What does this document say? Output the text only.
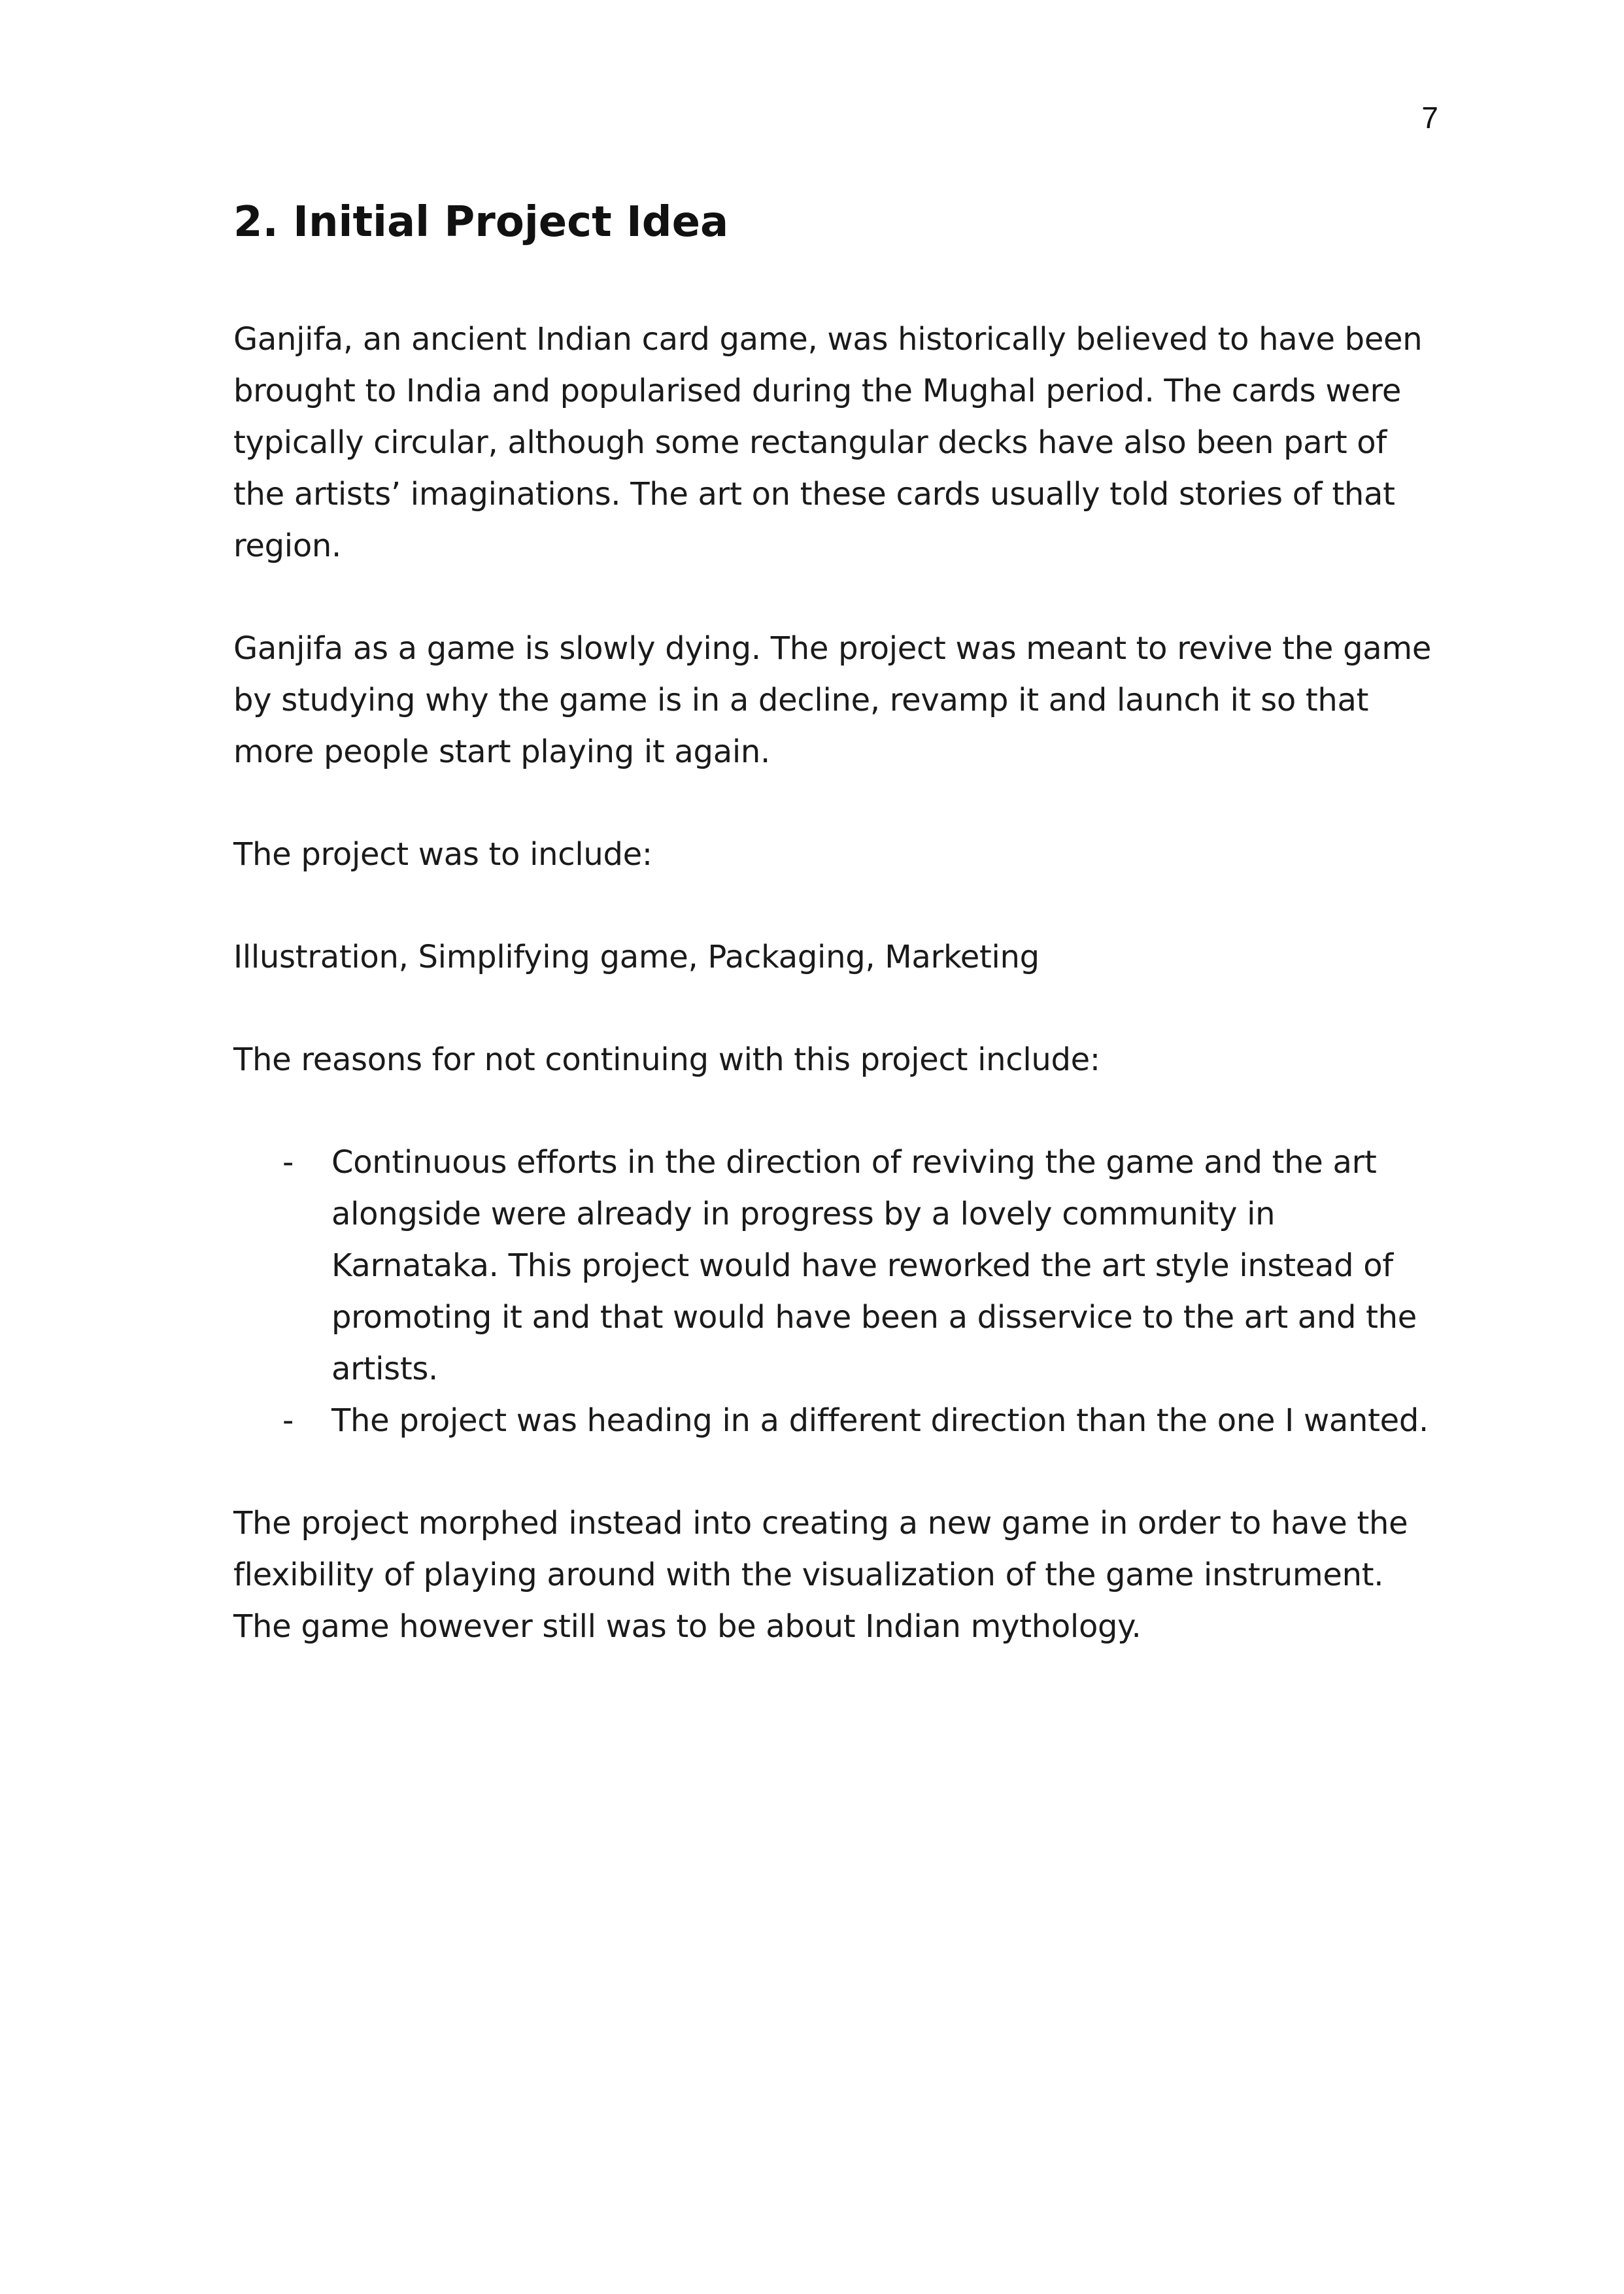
7
2. Initial Project Idea

Ganjifa, an ancient Indian card game, was historically believed to have been brought to India and popularised during the Mughal period. The cards were typically circular, although some rectangular decks have also been part of the artists’ imaginations. The art on these cards usually told stories of that region.

Ganjifa as a game is slowly dying. The project was meant to revive the game by studying why the game is in a decline, revamp it and launch it so that more people start playing it again.

The project was to include:

Illustration, Simplifying game, Packaging, Marketing

The reasons for not continuing with this project include:

-	Continuous efforts in the direction of reviving the game and the art alongside were already in progress by a lovely community in Karnataka. This project would have reworked the art style instead of promoting it and that would have been a disservice to the art and the artists.
-	The project was heading in a different direction than the one I wanted.

The project morphed instead into creating a new game in order to have the flexibility of playing around with the visualization of the game instrument. The game however still was to be about Indian mythology.
